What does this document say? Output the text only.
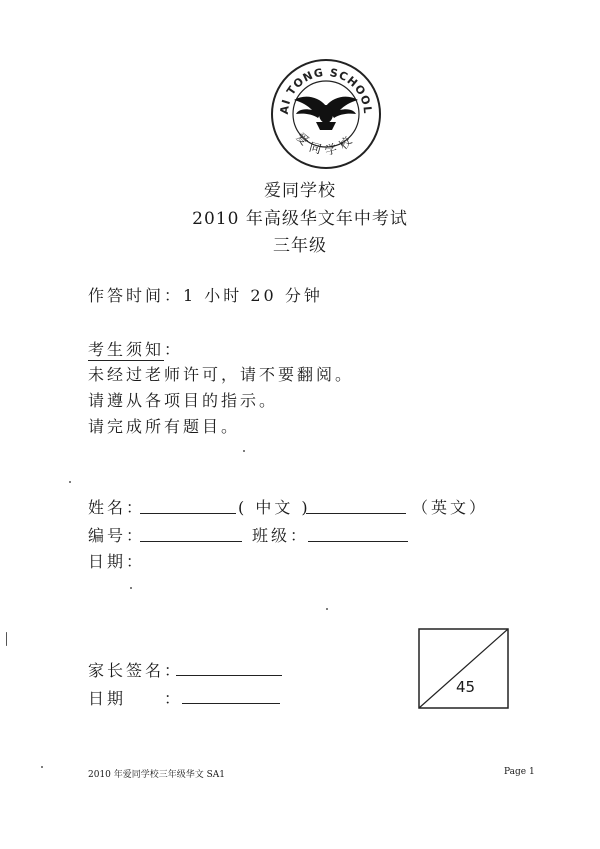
AI TONG SCHOOL
爱同学校
爱同学校
2010 年高级华文年中考试
三年级
作答时间：1 小时 20 分钟
考生须知：
未经过老师许可，请不要翻阅。
请遵从各项目的指示。
请完成所有题目。
姓名：	( 中文 )	（英文）
编号：	班级：
日期：
家长签名：
日期 ：
45
2010 年爱同学校三年级华文 SA1	Page 1
